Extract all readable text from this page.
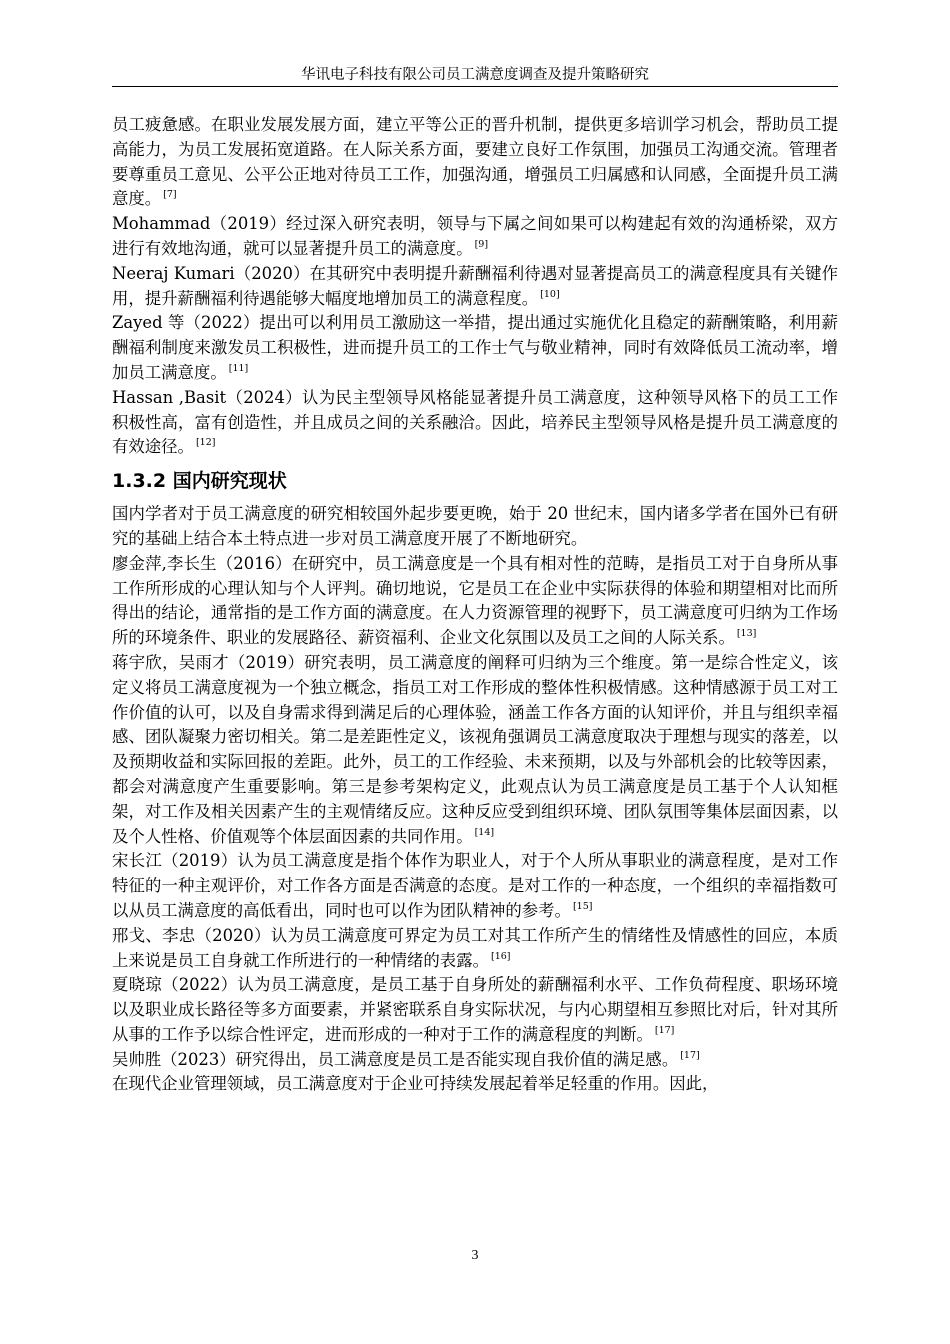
华讯电子科技有限公司员工满意度调查及提升策略研究

员工疲惫感。在职业发展发展方面，建立平等公正的晋升机制，提供更多培训学习机会，帮助员工提高能力，为员工发展拓宽道路。在人际关系方面，要建立良好工作氛围，加强员工沟通交流。管理者要尊重员工意见、公平公正地对待员工工作，加强沟通，增强员工归属感和认同感，全面提升员工满意度。 [7]

Mohammad（2019）经过深入研究表明，领导与下属之间如果可以构建起有效的沟通桥梁，双方进行有效地沟通，就可以显著提升员工的满意度。 [9]

Neeraj Kumari（2020）在其研究中表明提升薪酬福利待遇对显著提高员工的满意程度具有关键作用，提升薪酬福利待遇能够大幅度地增加员工的满意程度。 [10]

Zayed 等（2022）提出可以利用员工激励这一举措，提出通过实施优化且稳定的薪酬策略，利用薪酬福利制度来激发员工积极性，进而提升员工的工作士气与敬业精神，同时有效降低员工流动率，增加员工满意度。 [11]

Hassan ,Basit（2024）认为民主型领导风格能显著提升员工满意度，这种领导风格下的员工工作积极性高，富有创造性，并且成员之间的关系融洽。因此，培养民主型领导风格是提升员工满意度的有效途径。 [12]

1.3.2 国内研究现状

国内学者对于员工满意度的研究相较国外起步要更晚，始于 20 世纪末，国内诸多学者在国外已有研究的基础上结合本土特点进一步对员工满意度开展了不断地研究。

廖金萍,李长生（2016）在研究中，员工满意度是一个具有相对性的范畴，是指员工对于自身所从事工作所形成的心理认知与个人评判。确切地说，它是员工在企业中实际获得的体验和期望相对比而所得出的结论，通常指的是工作方面的满意度。在人力资源管理的视野下，员工满意度可归纳为工作场所的环境条件、职业的发展路径、薪资福利、企业文化氛围以及员工之间的人际关系。 [13]

蒋宇欣，吴雨才（2019）研究表明，员工满意度的阐释可归纳为三个维度。第一是综合性定义，该定义将员工满意度视为一个独立概念，指员工对工作形成的整体性积极情感。这种情感源于员工对工作价值的认可，以及自身需求得到满足后的心理体验，涵盖工作各方面的认知评价，并且与组织幸福感、团队凝聚力密切相关。第二是差距性定义，该视角强调员工满意度取决于理想与现实的落差，以及预期收益和实际回报的差距。此外，员工的工作经验、未来预期，以及与外部机会的比较等因素，都会对满意度产生重要影响。第三是参考架构定义，此观点认为员工满意度是员工基于个人认知框架，对工作及相关因素产生的主观情绪反应。这种反应受到组织环境、团队氛围等集体层面因素，以及个人性格、价值观等个体层面因素的共同作用。 [14]

宋长江（2019）认为员工满意度是指个体作为职业人，对于个人所从事职业的满意程度，是对工作特征的一种主观评价，对工作各方面是否满意的态度。是对工作的一种态度，一个组织的幸福指数可以从员工满意度的高低看出，同时也可以作为团队精神的参考。 [15]

邢戈、李忠（2020）认为员工满意度可界定为员工对其工作所产生的情绪性及情感性的回应，本质上来说是员工自身就工作所进行的一种情绪的表露。 [16]

夏晓琼（2022）认为员工满意度，是员工基于自身所处的薪酬福利水平、工作负荷程度、职场环境以及职业成长路径等多方面要素，并紧密联系自身实际状况，与内心期望相互参照比对后，针对其所从事的工作予以综合性评定，进而形成的一种对于工作的满意程度的判断。 [17]

吴帅胜（2023）研究得出，员工满意度是员工是否能实现自我价值的满足感。 [17]

在现代企业管理领域，员工满意度对于企业可持续发展起着举足轻重的作用。因此，

3
